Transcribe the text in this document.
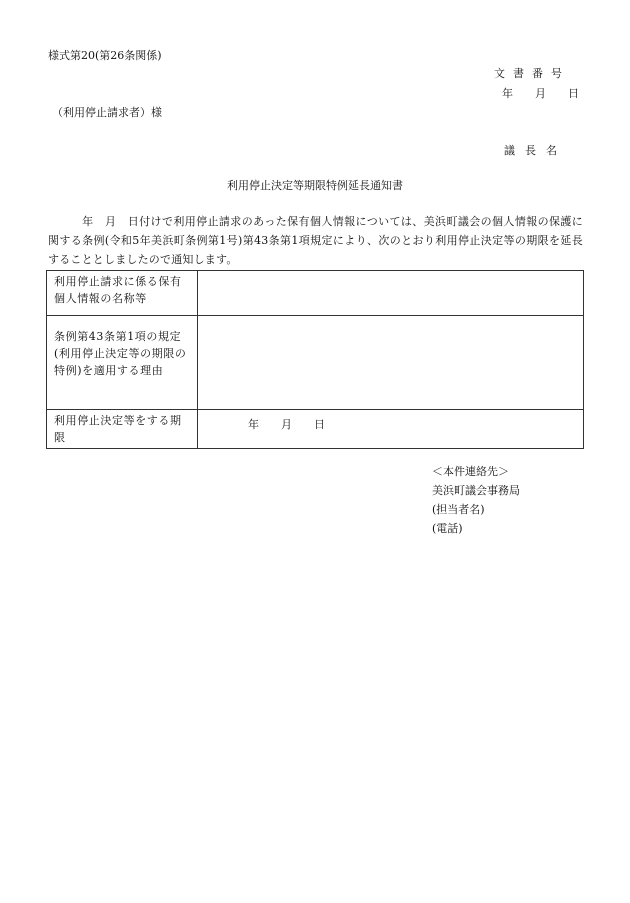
様式第20(第26条関係)
文書番号
年 月 日
（利用停止請求者）様
議長名
利用停止決定等期限特例延長通知書
　　　年　月　日付けで利用停止請求のあった保有個人情報については、美浜町議会の個人情報の保護に関する条例(令和5年美浜町条例第1号)第43条第1項規定により、次のとおり利用停止決定等の期限を延長することとしましたので通知します。
利用停止請求に係る保有個人情報の名称等	
条例第43条第1項の規定(利用停止決定等の期限の特例)を適用する理由	
利用停止決定等をする期限	年　　月　　日
＜本件連絡先＞
美浜町議会事務局
(担当者名)
(電話)
